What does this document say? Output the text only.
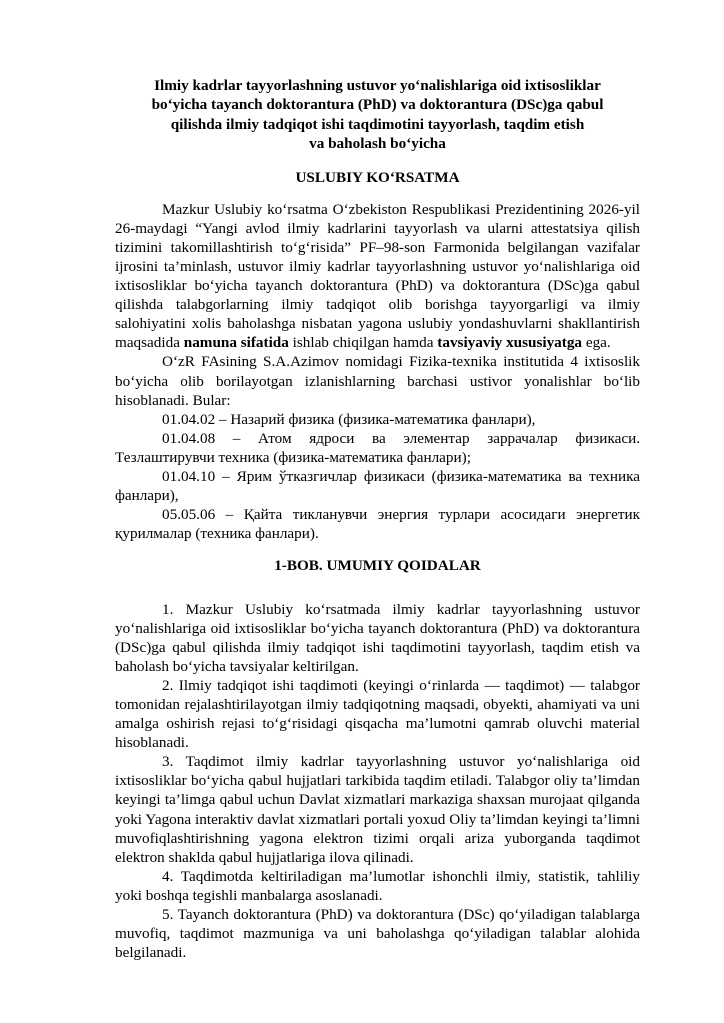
Ilmiy kadrlar tayyorlashning ustuvor yo‘nalishlariga oid ixtisosliklar
bo‘yicha tayanch doktorantura (PhD) va doktorantura (DSc)ga qabul
qilishda ilmiy tadqiqot ishi taqdimotini tayyorlash, taqdim etish
va baholash bo‘yicha
USLUBIY KO‘RSATMA

Mazkur Uslubiy ko‘rsatma O‘zbekiston Respublikasi Prezidentining 2026-yil 26-maydagi “Yangi avlod ilmiy kadrlarini tayyorlash va ularni attestatsiya qilish tizimini takomillashtirish to‘g‘risida” PF–98-son Farmonida belgilangan vazifalar ijrosini ta’minlash, ustuvor ilmiy kadrlar tayyorlashning ustuvor yo‘nalishlariga oid ixtisosliklar bo‘yicha tayanch doktorantura (PhD) va doktorantura (DSc)ga qabul qilishda talabgorlarning ilmiy tadqiqot olib borishga tayyorgarligi va ilmiy salohiyatini xolis baholashga nisbatan yagona uslubiy yondashuvlarni shakllantirish maqsadida namuna sifatida ishlab chiqilgan hamda tavsiyaviy xususiyatga ega.

O‘zR FAsining S.A.Azimov nomidagi Fizika-texnika institutida 4 ixtisoslik bo‘yicha olib borilayotgan izlanishlarning barchasi ustivor yonalishlar bo‘lib hisoblanadi. Bular:

01.04.02 – Назарий физика (физика-математика фанлари),

01.04.08 – Атом ядроси ва элементар заррачалар физикаси. Тезлаштирувчи техника (физика-математика фанлари);

01.04.10 – Ярим ўтказгичлар физикаси (физика-математика ва техника фанлари),

05.05.06 – Қайта тикланувчи энергия турлари асосидаги энергетик қурилмалар (техника фанлари).

1-BOB. UMUMIY QOIDALAR

1. Mazkur Uslubiy ko‘rsatmada ilmiy kadrlar tayyorlashning ustuvor yo‘nalishlariga oid ixtisosliklar bo‘yicha tayanch doktorantura (PhD) va doktorantura (DSc)ga qabul qilishda ilmiy tadqiqot ishi taqdimotini tayyorlash, taqdim etish va baholash bo‘yicha tavsiyalar keltirilgan.

2. Ilmiy tadqiqot ishi taqdimoti (keyingi o‘rinlarda — taqdimot) — talabgor tomonidan rejalashtirilayotgan ilmiy tadqiqotning maqsadi, obyekti, ahamiyati va uni amalga oshirish rejasi to‘g‘risidagi qisqacha ma’lumotni qamrab oluvchi material hisoblanadi.

3. Taqdimot ilmiy kadrlar tayyorlashning ustuvor yo‘nalishlariga oid ixtisosliklar bo‘yicha qabul hujjatlari tarkibida taqdim etiladi. Talabgor oliy ta’limdan keyingi ta’limga qabul uchun Davlat xizmatlari markaziga shaxsan murojaat qilganda yoki Yagona interaktiv davlat xizmatlari portali yoxud Oliy ta’limdan keyingi ta’limni muvofiqlashtirishning yagona elektron tizimi orqali ariza yuborganda taqdimot elektron shaklda qabul hujjatlariga ilova qilinadi.

4. Taqdimotda keltiriladigan ma’lumotlar ishonchli ilmiy, statistik, tahliliy yoki boshqa tegishli manbalarga asoslanadi.

5. Tayanch doktorantura (PhD) va doktorantura (DSc) qo‘yiladigan talablarga muvofiq, taqdimot mazmuniga va uni baholashga qo‘yiladigan talablar alohida belgilanadi.
